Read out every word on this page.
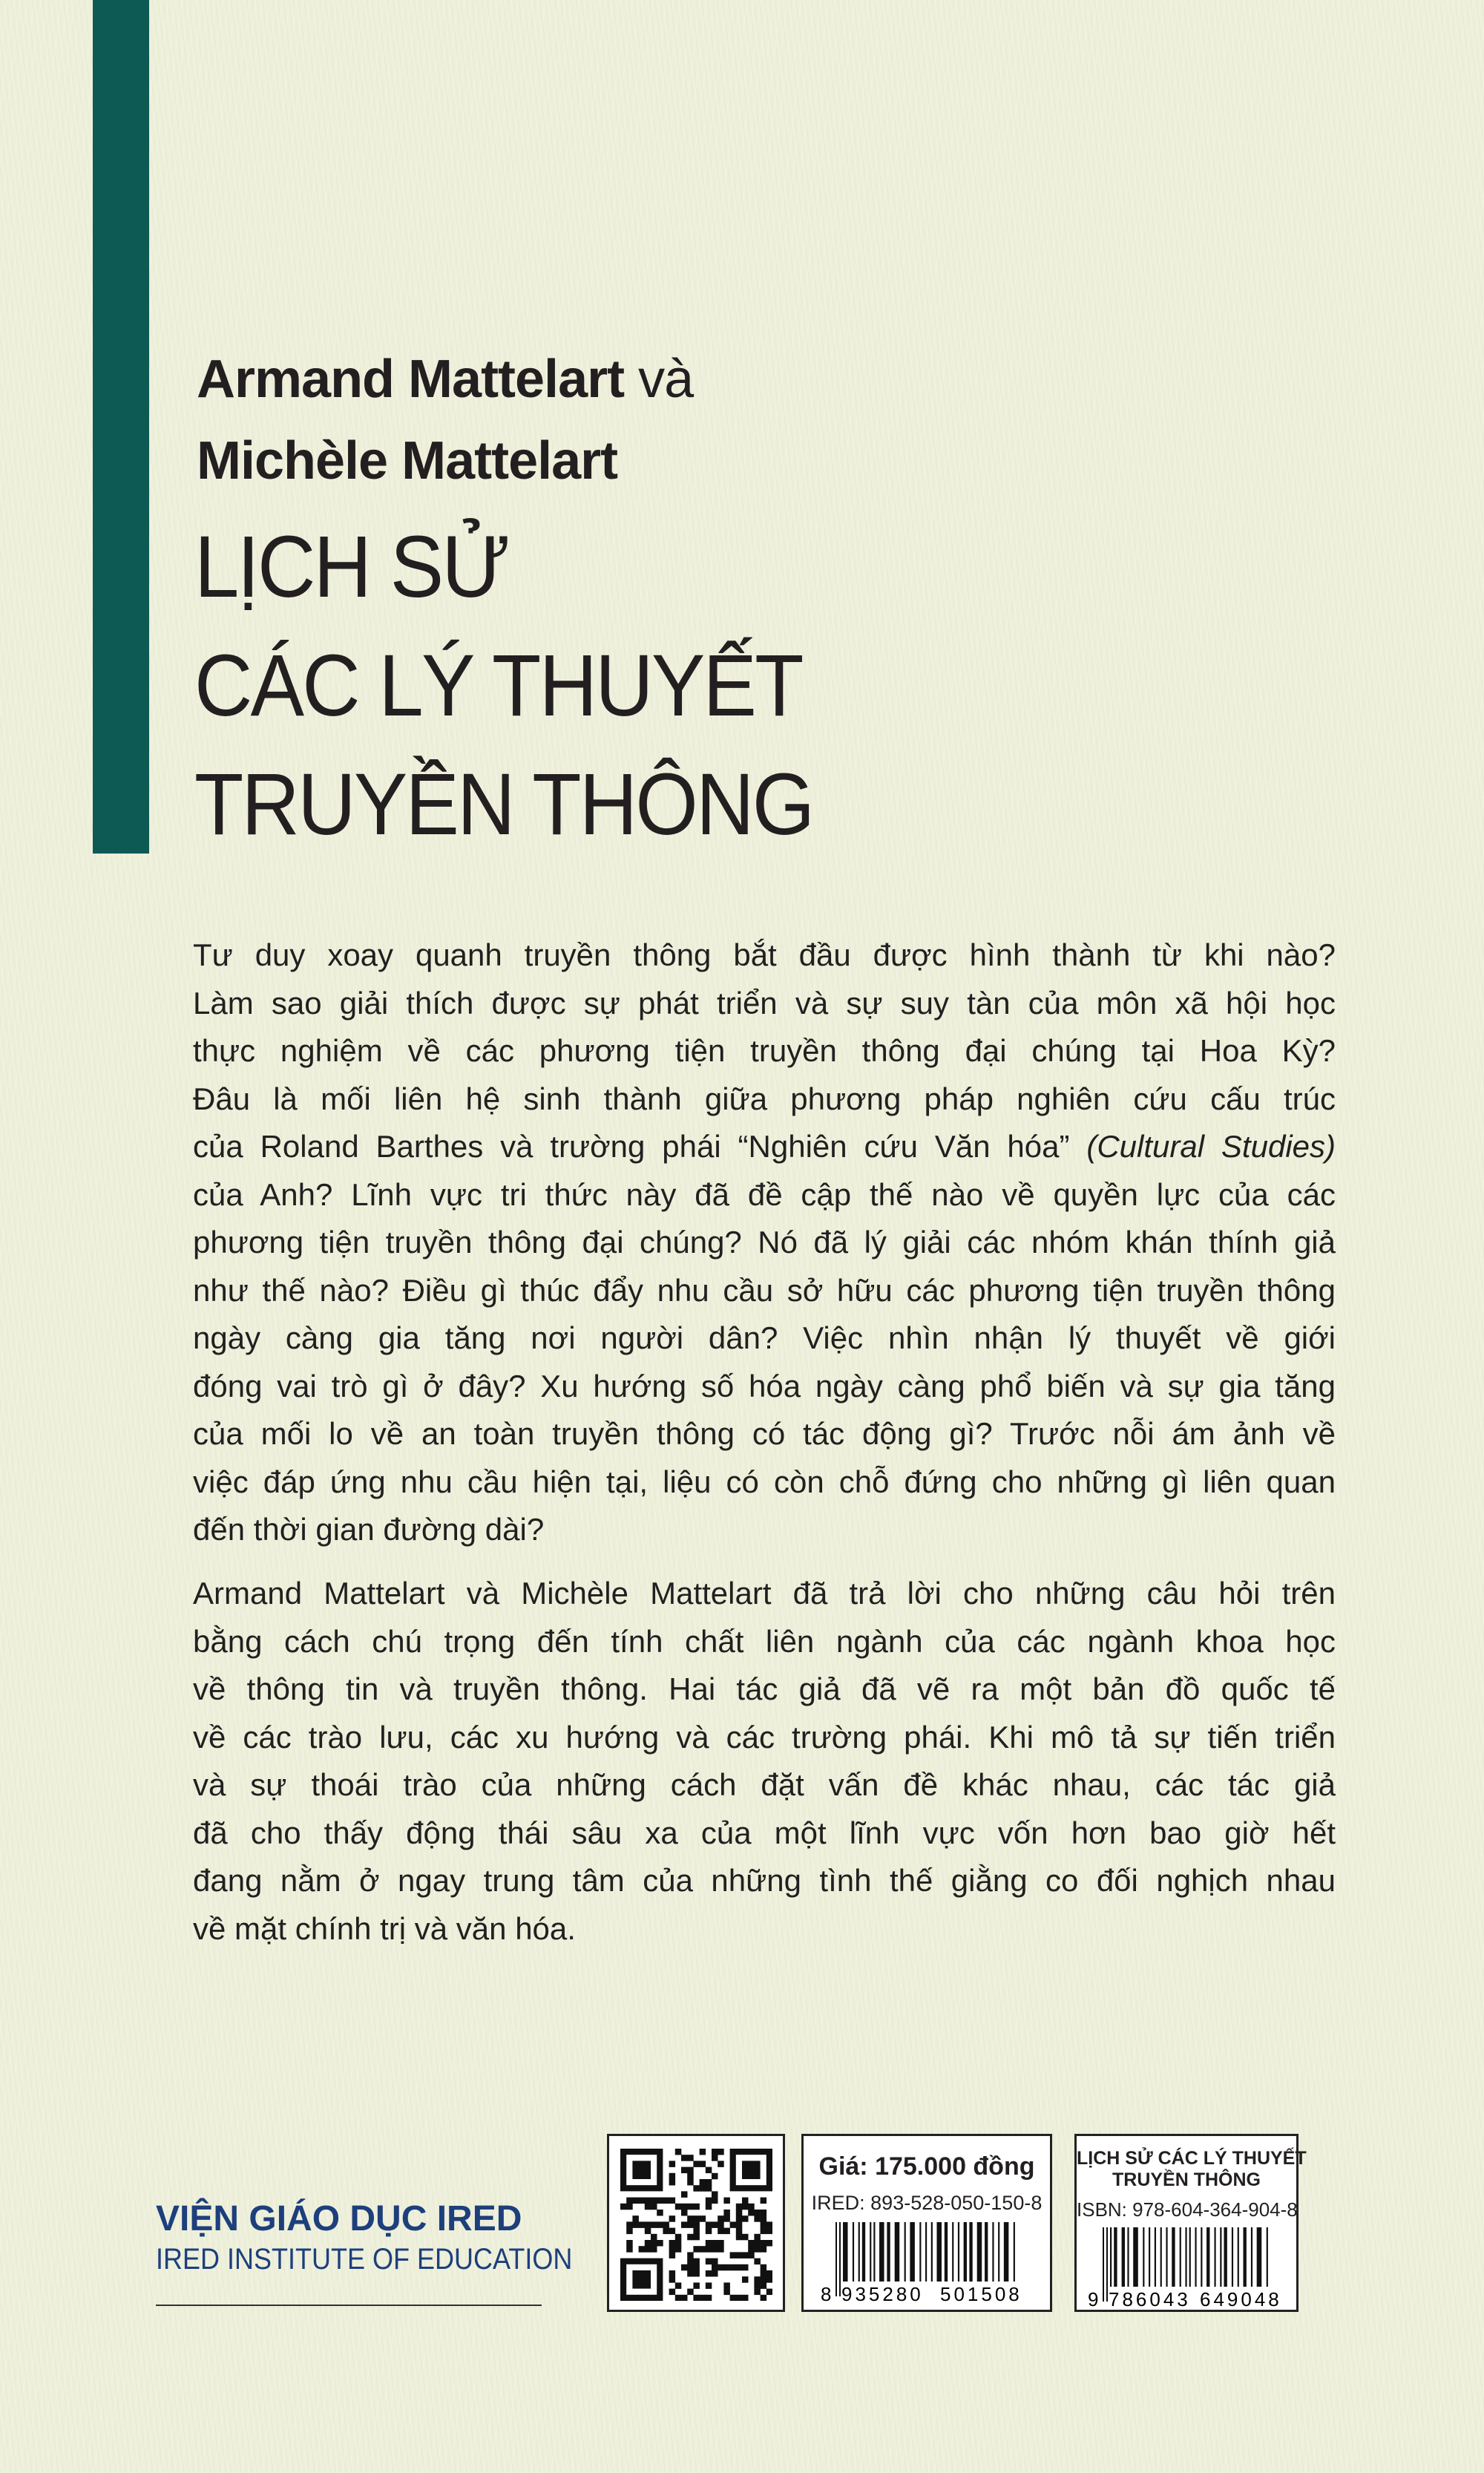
Armand Mattelart và
Michèle Mattelart
LỊCH SỬ
CÁC LÝ THUYẾT
TRUYỀN THÔNG
Tư duy xoay quanh truyền thông bắt đầu được hình thành từ khi nào?
Làm sao giải thích được sự phát triển và sự suy tàn của môn xã hội học
thực nghiệm về các phương tiện truyền thông đại chúng tại Hoa Kỳ?
Đâu là mối liên hệ sinh thành giữa phương pháp nghiên cứu cấu trúc
của Roland Barthes và trường phái “Nghiên cứu Văn hóa” (Cultural Studies)
của Anh? Lĩnh vực tri thức này đã đề cập thế nào về quyền lực của các
phương tiện truyền thông đại chúng? Nó đã lý giải các nhóm khán thính giả
như thế nào? Điều gì thúc đẩy nhu cầu sở hữu các phương tiện truyền thông
ngày càng gia tăng nơi người dân? Việc nhìn nhận lý thuyết về giới
đóng vai trò gì ở đây? Xu hướng số hóa ngày càng phổ biến và sự gia tăng
của mối lo về an toàn truyền thông có tác động gì? Trước nỗi ám ảnh về
việc đáp ứng nhu cầu hiện tại, liệu có còn chỗ đứng cho những gì liên quan
đến thời gian đường dài?
Armand Mattelart và Michèle Mattelart đã trả lời cho những câu hỏi trên
bằng cách chú trọng đến tính chất liên ngành của các ngành khoa học
về thông tin và truyền thông. Hai tác giả đã vẽ ra một bản đồ quốc tế
về các trào lưu, các xu hướng và các trường phái. Khi mô tả sự tiến triển
và sự thoái trào của những cách đặt vấn đề khác nhau, các tác giả
đã cho thấy động thái sâu xa của một lĩnh vực vốn hơn bao giờ hết
đang nằm ở ngay trung tâm của những tình thế giằng co đối nghịch nhau
về mặt chính trị và văn hóa.
VIỆN GIÁO DỤC IRED
IRED INSTITUTE OF EDUCATION
Giá: 175.000 đồng
IRED: 893-528-050-150-8
8 935280 501508
LỊCH SỬ CÁC LÝ THUYẾT
TRUYỀN THÔNG
ISBN: 978-604-364-904-8
9 786043 649048
